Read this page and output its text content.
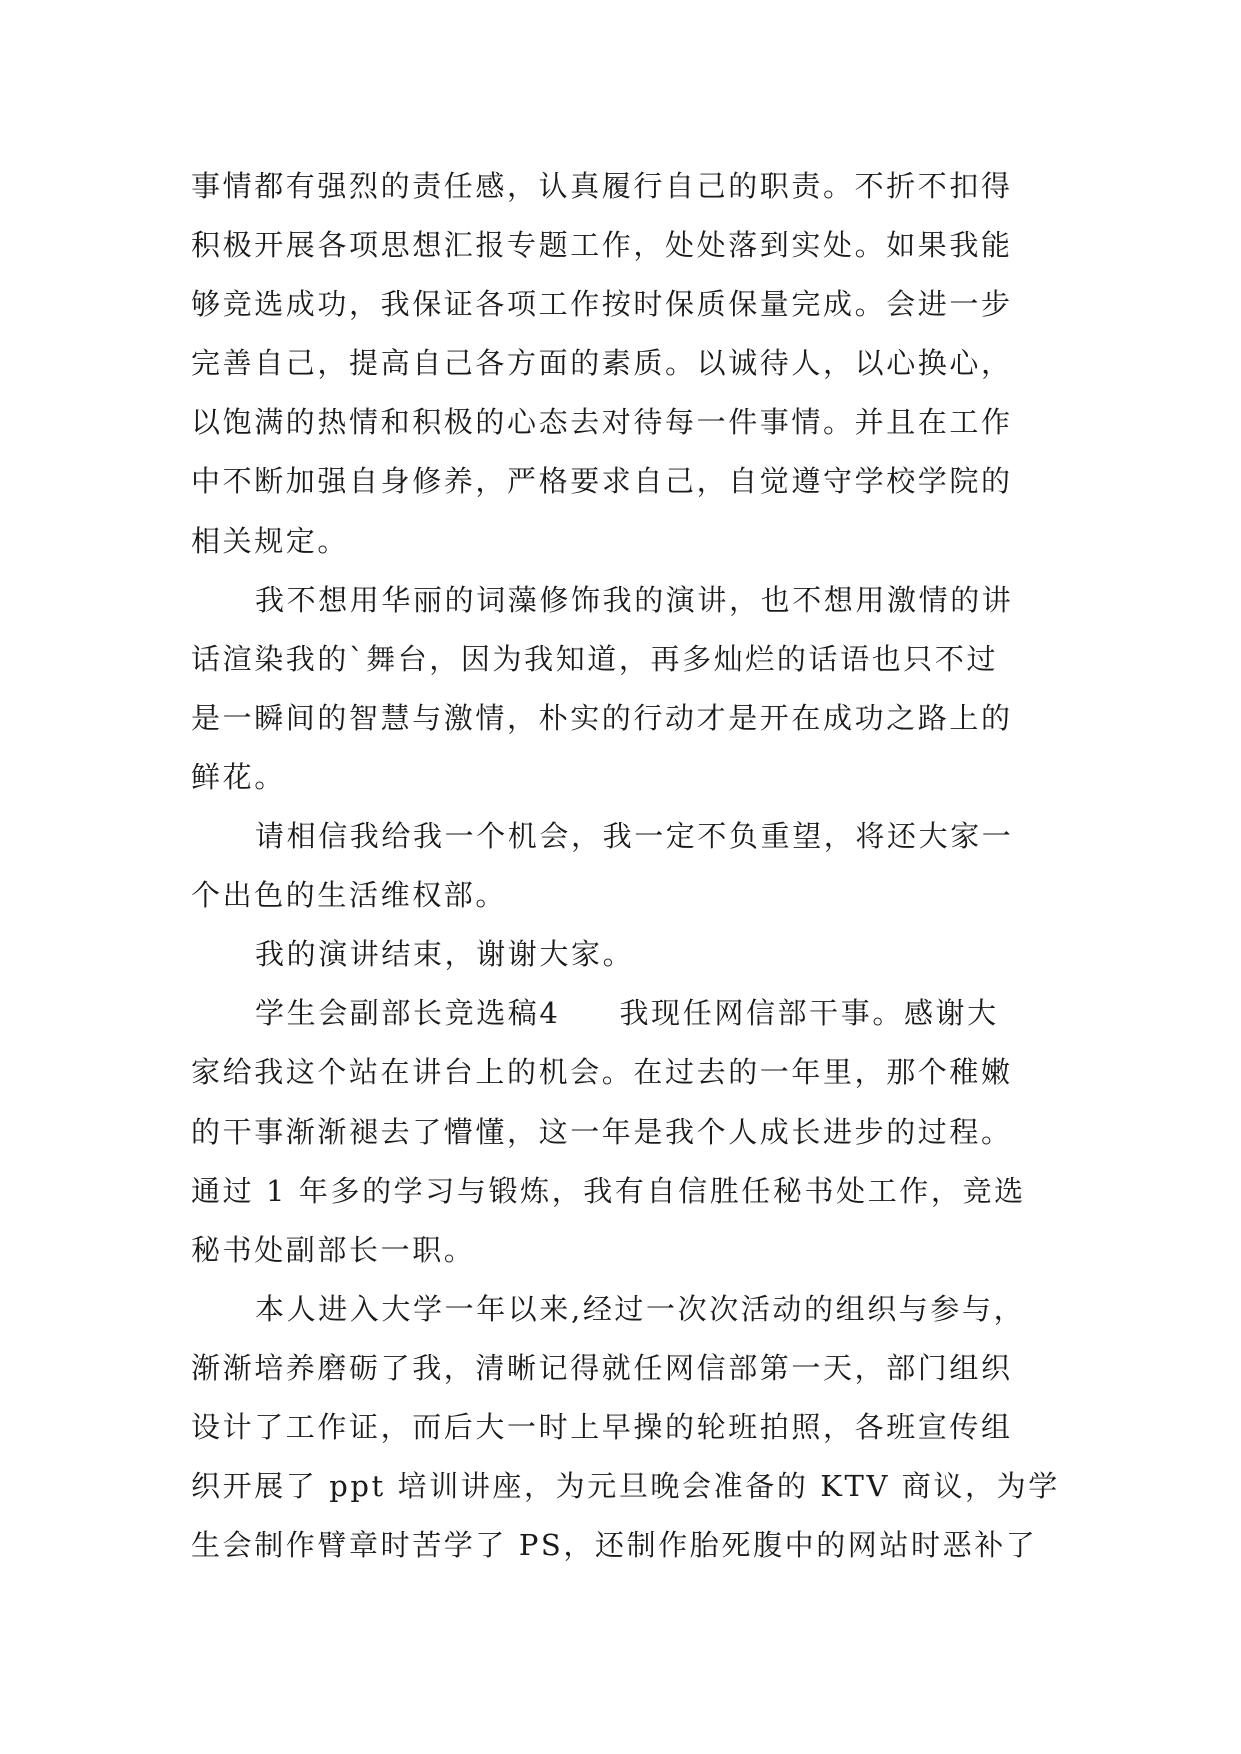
事情都有强烈的责任感，认真履行自己的职责。不折不扣得
积极开展各项思想汇报专题工作，处处落到实处。如果我能
够竞选成功，我保证各项工作按时保质保量完成。会进一步
完善自己，提高自己各方面的素质。以诚待人，以心换心，
以饱满的热情和积极的心态去对待每一件事情。并且在工作
中不断加强自身修养，严格要求自己，自觉遵守学校学院的
相关规定。
我不想用华丽的词藻修饰我的演讲，也不想用激情的讲
话渲染我的`舞台，因为我知道，再多灿烂的话语也只不过
是一瞬间的智慧与激情，朴实的行动才是开在成功之路上的
鲜花。
请相信我给我一个机会，我一定不负重望，将还大家一
个出色的生活维权部。
我的演讲结束，谢谢大家。
学生会副部长竞选稿4     我现任网信部干事。感谢大
家给我这个站在讲台上的机会。在过去的一年里，那个稚嫩
的干事渐渐褪去了懵懂，这一年是我个人成长进步的过程。
通过 1 年多的学习与锻炼，我有自信胜任秘书处工作，竞选
秘书处副部长一职。
本人进入大学一年以来,经过一次次活动的组织与参与，
渐渐培养磨砺了我，清晰记得就任网信部第一天，部门组织
设计了工作证，而后大一时上早操的轮班拍照，各班宣传组
织开展了 ppt 培训讲座，为元旦晚会准备的 KTV 商议，为学
生会制作臂章时苦学了 PS，还制作胎死腹中的网站时恶补了
